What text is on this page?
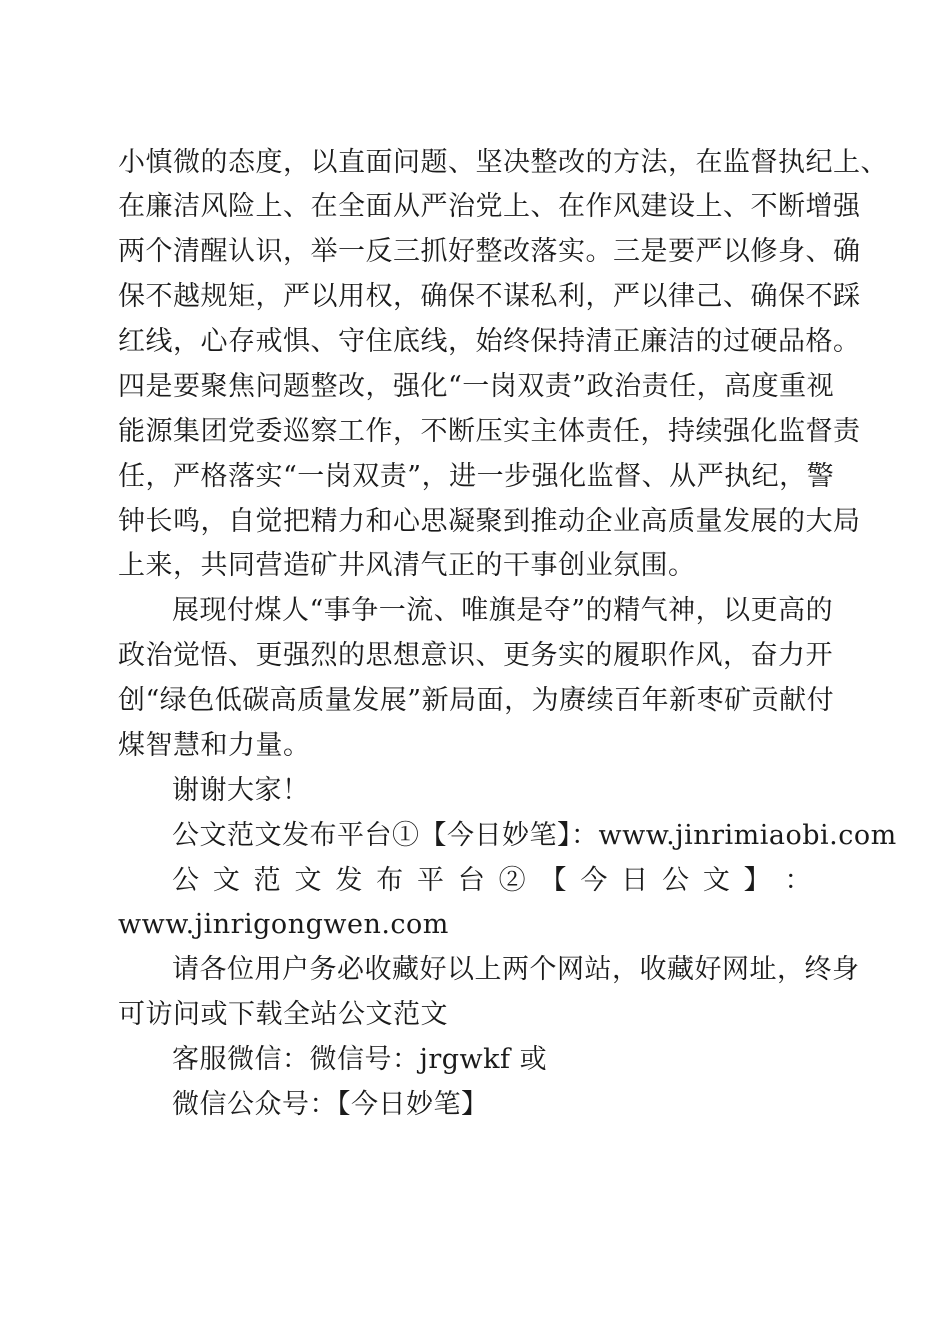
小慎微的态度，以直面问题、坚决整改的方法，在监督执纪上、
在廉洁风险上、在全面从严治党上、在作风建设上、不断增强
两个清醒认识，举一反三抓好整改落实。三是要严以修身、确
保不越规矩，严以用权，确保不谋私利，严以律己、确保不踩
红线，心存戒惧、守住底线，始终保持清正廉洁的过硬品格。
四是要聚焦问题整改，强化“一岗双责”政治责任，高度重视
能源集团党委巡察工作，不断压实主体责任，持续强化监督责
任，严格落实“一岗双责”，进一步强化监督、从严执纪，警
钟长鸣，自觉把精力和心思凝聚到推动企业高质量发展的大局
上来，共同营造矿井风清气正的干事创业氛围。
展现付煤人“事争一流、唯旗是夺”的精气神，以更高的
政治觉悟、更强烈的思想意识、更务实的履职作风，奋力开
创“绿色低碳高质量发展”新局面，为赓续百年新枣矿贡献付
煤智慧和力量。
谢谢大家！
公文范文发布平台①【今日妙笔】：www.jinrimiaobi.com
公 文 范 文 发 布 平 台 ② 【 今 日 公 文 】 ：
www.jinrigongwen.com
请各位用户务必收藏好以上两个网站，收藏好网址，终身
可访问或下载全站公文范文
客服微信：微信号：jrgwkf 或
微信公众号：【今日妙笔】
